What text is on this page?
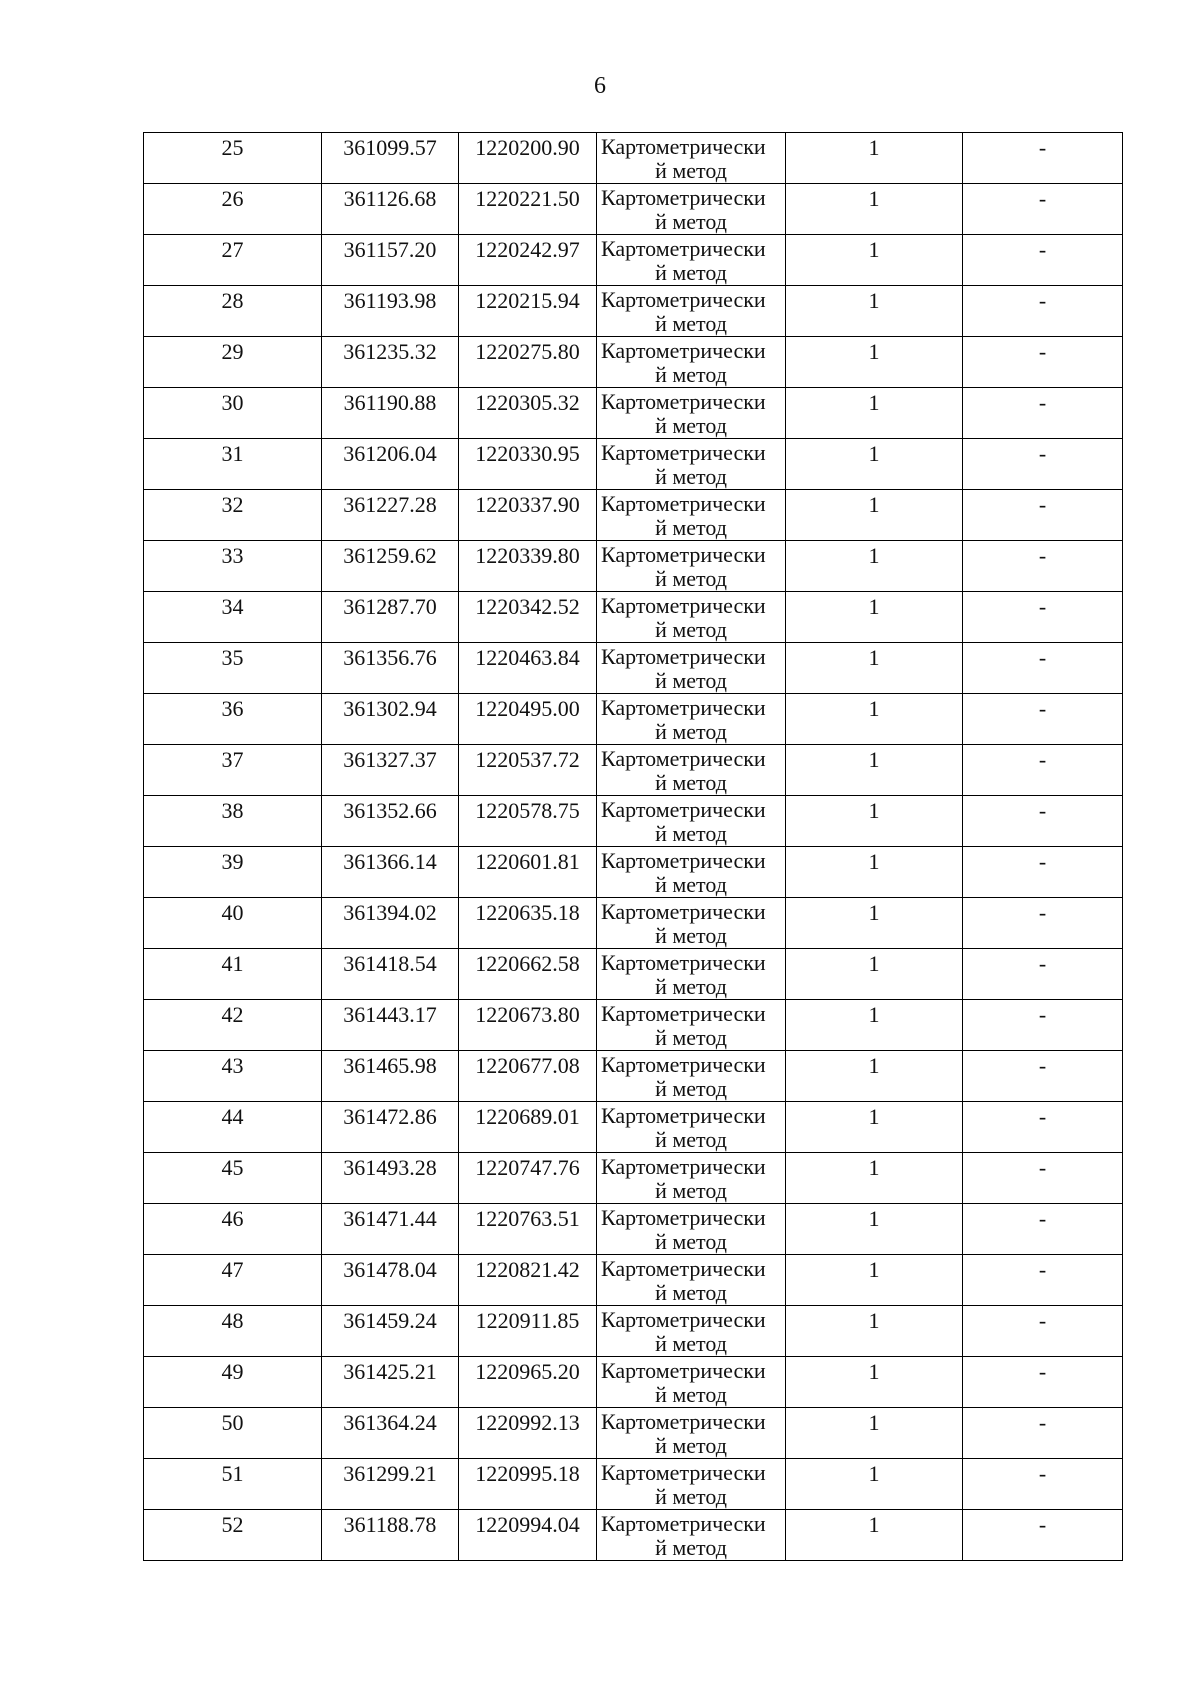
6
25	361099.57	1220200.90	Картометрически
й метод	1	-

26	361126.68	1220221.50	Картометрически
й метод	1	-

27	361157.20	1220242.97	Картометрически
й метод	1	-

28	361193.98	1220215.94	Картометрически
й метод	1	-

29	361235.32	1220275.80	Картометрически
й метод	1	-

30	361190.88	1220305.32	Картометрически
й метод	1	-

31	361206.04	1220330.95	Картометрически
й метод	1	-

32	361227.28	1220337.90	Картометрически
й метод	1	-

33	361259.62	1220339.80	Картометрически
й метод	1	-

34	361287.70	1220342.52	Картометрически
й метод	1	-

35	361356.76	1220463.84	Картометрически
й метод	1	-

36	361302.94	1220495.00	Картометрически
й метод	1	-

37	361327.37	1220537.72	Картометрически
й метод	1	-

38	361352.66	1220578.75	Картометрически
й метод	1	-

39	361366.14	1220601.81	Картометрически
й метод	1	-

40	361394.02	1220635.18	Картометрически
й метод	1	-

41	361418.54	1220662.58	Картометрически
й метод	1	-

42	361443.17	1220673.80	Картометрически
й метод	1	-

43	361465.98	1220677.08	Картометрически
й метод	1	-

44	361472.86	1220689.01	Картометрически
й метод	1	-

45	361493.28	1220747.76	Картометрически
й метод	1	-

46	361471.44	1220763.51	Картометрически
й метод	1	-

47	361478.04	1220821.42	Картометрически
й метод	1	-

48	361459.24	1220911.85	Картометрически
й метод	1	-

49	361425.21	1220965.20	Картометрически
й метод	1	-

50	361364.24	1220992.13	Картометрически
й метод	1	-

51	361299.21	1220995.18	Картометрически
й метод	1	-

52	361188.78	1220994.04	Картометрически
й метод	1	-
